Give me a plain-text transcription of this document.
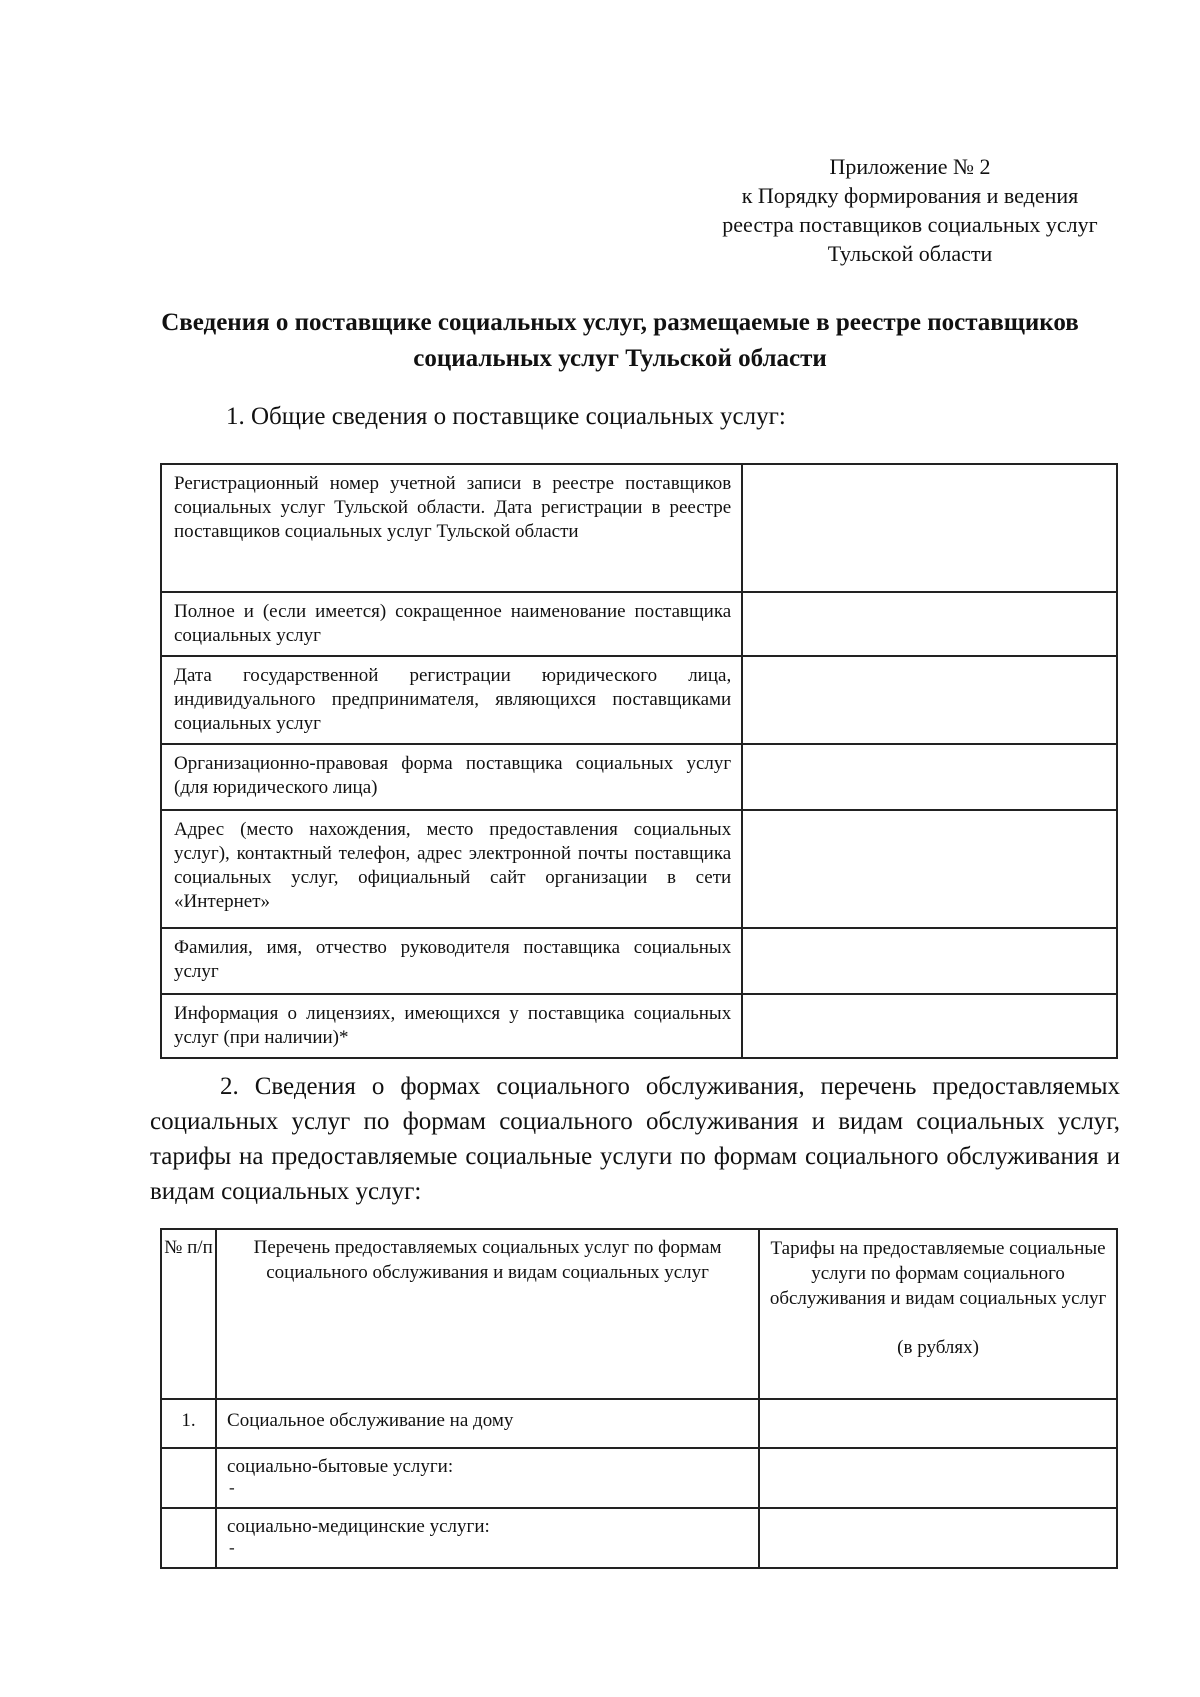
Приложение № 2
к Порядку формирования и ведения
реестра поставщиков социальных услуг
Тульской области
Сведения о поставщике социальных услуг, размещаемые в реестре поставщиков социальных услуг Тульской области
1. Общие сведения о поставщике социальных услуг:
Регистрационный номер учетной записи в реестре поставщиков социальных услуг Тульской области. Дата регистрации в реестре поставщиков социальных услуг Тульской области	
Полное и (если имеется) сокращенное наименование поставщика социальных услуг	
Дата государственной регистрации юридического лица, индивидуального предпринимателя, являющихся поставщиками социальных услуг	
Организационно-правовая форма поставщика социальных услуг (для юридического лица)	
Адрес (место нахождения, место предоставления социальных услуг), контактный телефон, адрес электронной почты поставщика социальных услуг, официальный сайт организации в сети «Интернет»	
Фамилия, имя, отчество руководителя поставщика социальных услуг	
Информация о лицензиях, имеющихся у поставщика социальных услуг (при наличии)*	
2. Сведения о формах социального обслуживания, перечень предоставляемых социальных услуг по формам социального обслуживания и видам социальных услуг, тарифы на предоставляемые социальные услуги по формам социального обслуживания и видам социальных услуг:
№ п/п	Перечень предоставляемых социальных услуг по формам социального обслуживания и видам социальных услуг	Тарифы на предоставляемые социальные услуги по формам социального обслуживания и видам социальных услуг
(в рублях)

1.	Социальное обслуживание на дому	
	социально-бытовые услуги:
-	

	социально-медицинские услуги:
-	
